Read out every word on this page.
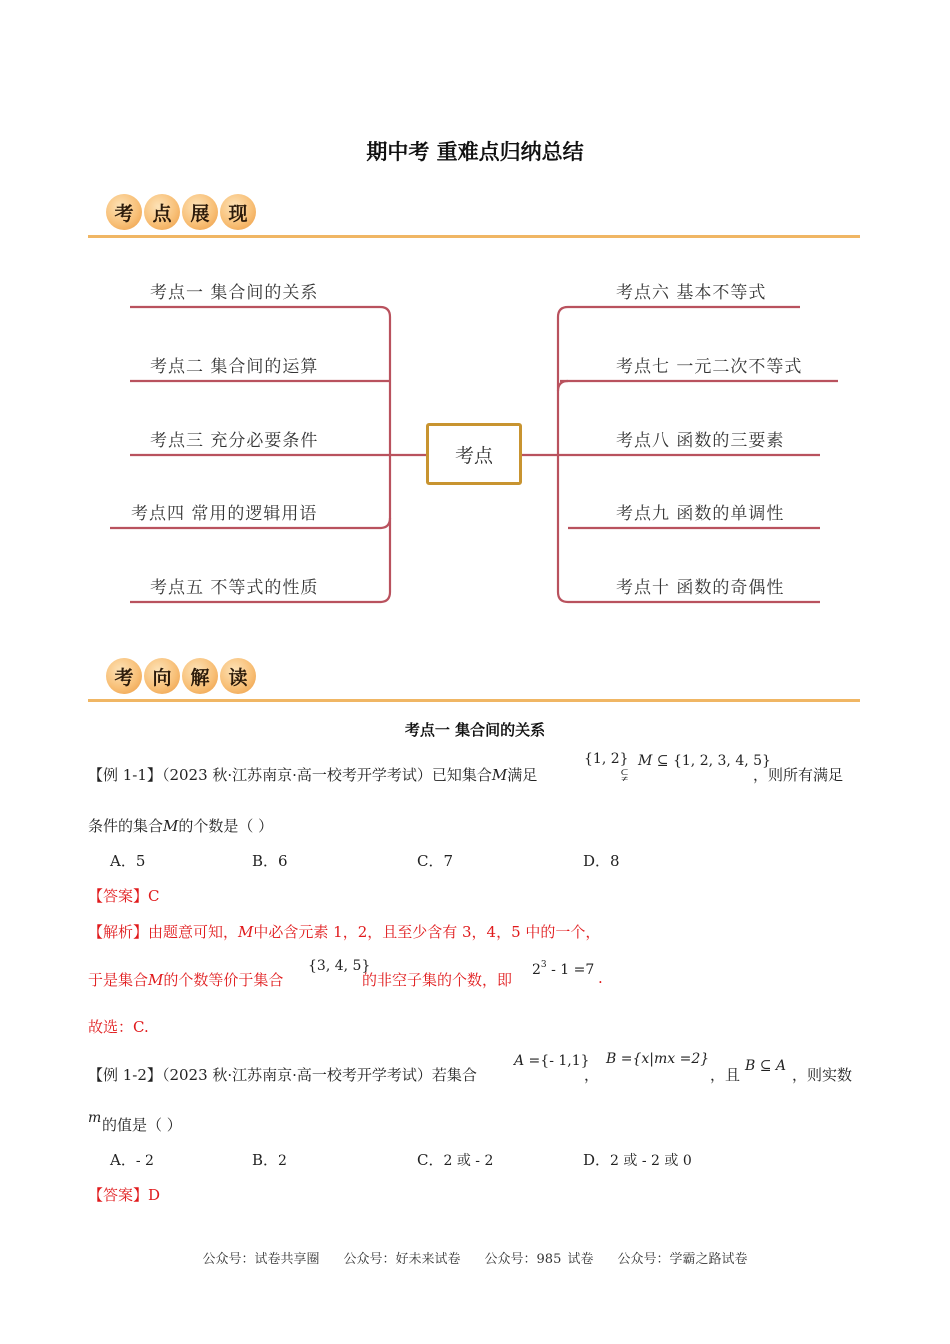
期中考 重难点归纳总结
考 点 展 现
考点一 集合间的关系
考点二 集合间的运算
考点三 充分必要条件
考点四 常用的逻辑用语
考点五 不等式的性质
考点六 基本不等式
考点七 一元二次不等式
考点八 函数的三要素
考点九 函数的单调性
考点十 函数的奇偶性
考点
考 向 解 读
考点一 集合间的关系
【例 1-1】（2023 秋·江苏南京·高一校考开学考试）已知集合M满足
{1, 2}
⫋
M ⊆ {1, 2, 3, 4, 5}
，则所有满足
条件的集合M的个数是（ ）
A．5	B．6	C．7	D．8
【答案】C
【解析】由题意可知，M中必含元素 1，2，且至少含有 3，4，5 中的一个，
于是集合M的个数等价于集合
{3, 4, 5}
的非空子集的个数，即
$2^3 - 1 =7$ .
故选：C.
【例 1-2】（2023 秋·江苏南京·高一校考开学考试）若集合
A ={- 1,1}
，
B ={x|mx =2}
，且 B ⊆ A ，则实数
m 的值是（ ）
A．- 2	B．2	C．2 或 - 2	D．2 或 - 2 或 0
【答案】D
公众号：试卷共享圈 公众号：好未来试卷 公众号：985 试卷 公众号：学霸之路试卷
